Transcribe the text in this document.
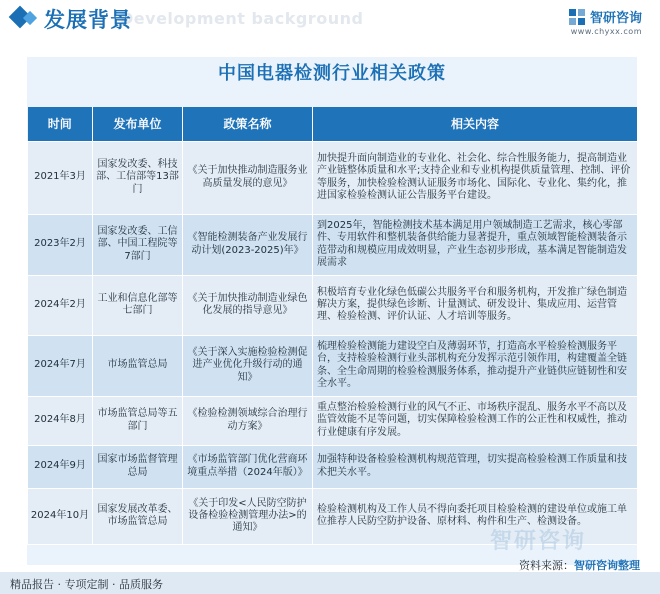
Development background
发展背景	智研咨询
www.chyxx.com
中国电器检测行业相关政策
时间	发布单位	政策名称	相关内容
2021年3月	国家发改委、科技部、工信部等13部门	《关于加快推动制造服务业高质量发展的意见》	加快提升面向制造业的专业化、社会化、综合性服务能力，提高制造业产业链整体质量和水平;支持企业和专业机构提供质量管理、控制、评价等服务，加快检验检测认证服务市场化、国际化、专业化、集约化，推进国家检验检测认证公告服务平台建设。
2023年2月	国家发改委、工信部、中国工程院等7部门	《智能检测装备产业发展行动计划(2023-2025)年》	到2025年，智能检测技术基本满足用户领域制造工艺需求，核心零部件、专用软件和整机装备供给能力显著提升，重点领域智能检测装备示范带动和规模应用成效明显，产业生态初步形成，基本满足智能制造发展需求
2024年2月	工业和信息化部等七部门	《关于加快推动制造业绿色化发展的指导意见》	积极培育专业化绿色低碳公共服务平台和服务机构，开发推广绿色制造解决方案，提供绿色诊断、计量测试、研发设计、集成应用、运营管理、检验检测、评价认证、人才培训等服务。
2024年7月	市场监管总局	《关于深入实施检验检测促进产业优化升级行动的通知》	梳理检验检测能力建设空白及薄弱环节，打造高水平检验检测服务平台，支持检验检测行业头部机构充分发挥示范引领作用，构建覆盖全链条、全生命周期的检验检测服务体系，推动提升产业链供应链韧性和安全水平。
2024年8月	市场监管总局等五部门	《检验检测领域综合治理行动方案》	重点整治检验检测行业的风气不正、市场秩序混乱、服务水平不高以及监管效能不足等问题，切实保障检验检测工作的公正性和权威性，推动行业健康有序发展。
2024年9月	国家市场监督管理总局	《市场监管部门优化营商环境重点举措（2024年版）》	加强特种设备检验检测机构规范管理，切实提高检验检测工作质量和技术把关水平。
2024年10月	国家发展改革委、市场监管总局	《关于印发<人民防空防护设备检验检测管理办法>的通知》	检验检测机构及工作人员不得向委托项目检验检测的建设单位或施工单位推荐人民防空防护设备、原材料、构件和生产、检测设备。
智研咨询
资料来源：智研咨询整理
精品报告 · 专项定制 · 品质服务
